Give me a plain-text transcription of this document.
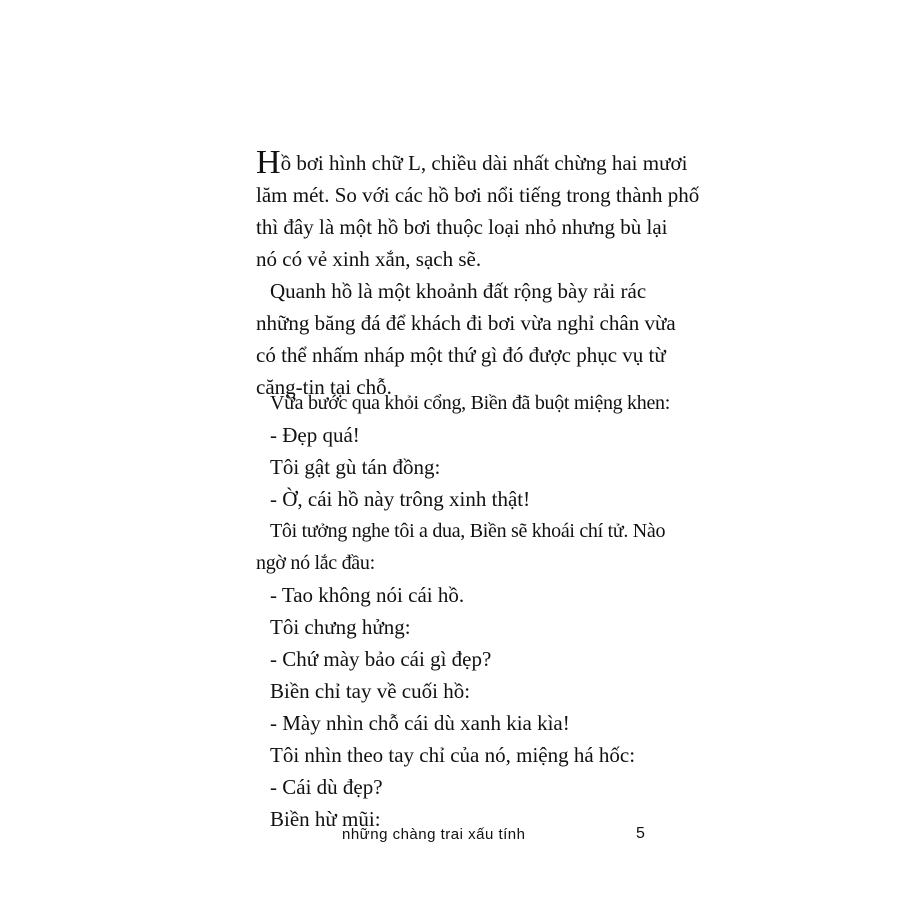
Hồ bơi hình chữ L, chiều dài nhất chừng hai mươi
lăm mét. So với các hồ bơi nổi tiếng trong thành phố
thì đây là một hồ bơi thuộc loại nhỏ nhưng bù lại
nó có vẻ xinh xắn, sạch sẽ.

Quanh hồ là một khoảnh đất rộng bày rải rác
những băng đá để khách đi bơi vừa nghỉ chân vừa
có thể nhấm nháp một thứ gì đó được phục vụ từ
căng-tin tại chỗ.

Vừa bước qua khỏi cổng, Biền đã buột miệng khen:

- Đẹp quá!

Tôi gật gù tán đồng:

- Ờ, cái hồ này trông xinh thật!

Tôi tưởng nghe tôi a dua, Biền sẽ khoái chí tử. Nào
ngờ nó lắc đầu:

- Tao không nói cái hồ.

Tôi chưng hửng:

- Chứ mày bảo cái gì đẹp?

Biền chỉ tay về cuối hồ:

- Mày nhìn chỗ cái dù xanh kia kìa!

Tôi nhìn theo tay chỉ của nó, miệng há hốc:

- Cái dù đẹp?

Biền hừ mũi:

những chàng trai xấu tính	5
